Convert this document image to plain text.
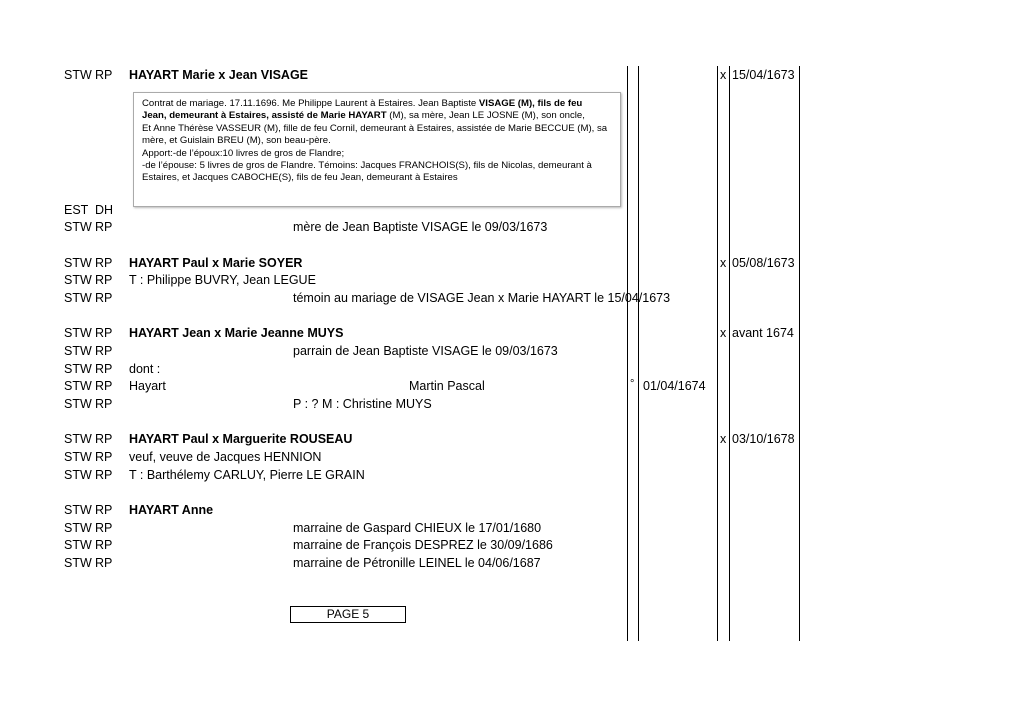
STW RP HAYART Marie x Jean VISAGE	x 15/04/1673
Contrat de mariage. 17.11.1696. Me Philippe Laurent à Estaires. Jean Baptiste VISAGE (M), fils de feu
Jean, demeurant à Estaires, assisté de Marie HAYART (M), sa mère, Jean LE JOSNE (M), son oncle,
Et Anne Thérèse VASSEUR (M), fille de feu Cornil, demeurant à Estaires, assistée de Marie BECCUE (M), sa
mère, et Guislain BREU (M), son beau-père.
Apport:-de l’époux:10 livres de gros de Flandre;
-de l’épouse: 5 livres de gros de Flandre. Témoins: Jacques FRANCHOIS(S), fils de Nicolas, demeurant à
Estaires, et Jacques CABOCHE(S), fils de feu Jean, demeurant à Estaires
EST DH
STW RP	mère de Jean Baptiste VISAGE le 09/03/1673
STW RP HAYART Paul x Marie SOYER	x 05/08/1673
STW RP T : Philippe BUVRY, Jean LEGUE
STW RP	témoin au mariage de VISAGE Jean x Marie HAYART le 15/04/1673
STW RP HAYART Jean x Marie Jeanne MUYS	x avant 1674
STW RP	parrain de Jean Baptiste VISAGE le 09/03/1673
STW RP dont :
STW RP Hayart	Martin Pascal	° 01/04/1674
STW RP	P : ? M : Christine MUYS
STW RP HAYART Paul x Marguerite ROUSEAU	x 03/10/1678
STW RP veuf, veuve de Jacques HENNION
STW RP T : Barthélemy CARLUY, Pierre LE GRAIN
STW RP HAYART Anne
STW RP	marraine de Gaspard CHIEUX le 17/01/1680
STW RP	marraine de François DESPREZ le 30/09/1686
STW RP	marraine de Pétronille LEINEL le 04/06/1687
PAGE 5
